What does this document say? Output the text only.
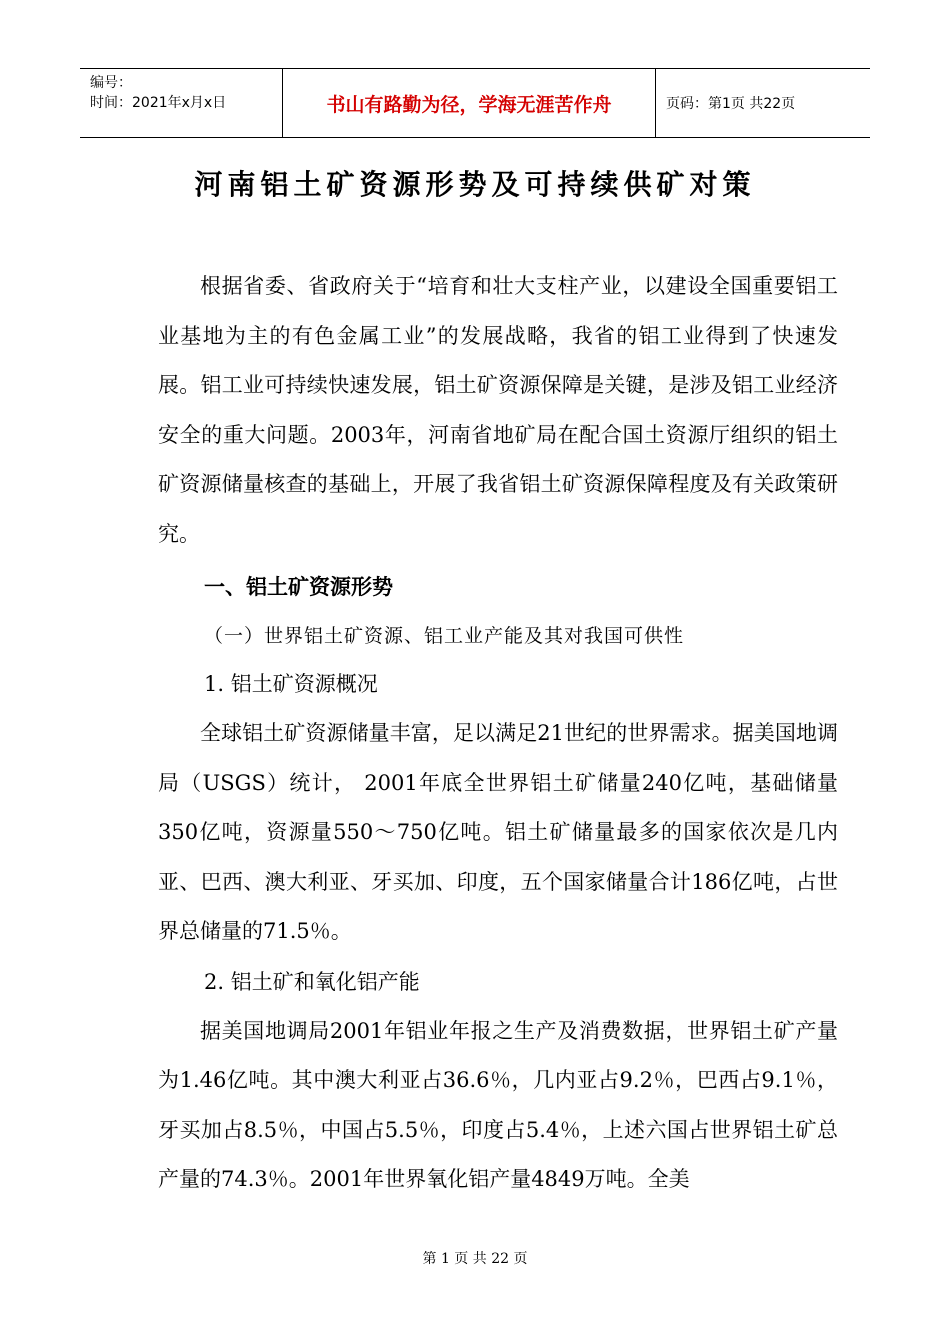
编号：
时间：2021年x月x日	书山有路勤为径，学海无涯苦作舟	页码：第1页 共22页
河南铝土矿资源形势及可持续供矿对策

根据省委、省政府关于“培育和壮大支柱产业，以建设全国重要铝工业基地为主的有色金属工业”的发展战略，我省的铝工业得到了快速发展。铝工业可持续快速发展，铝土矿资源保障是关键，是涉及铝工业经济安全的重大问题。2003年，河南省地矿局在配合国土资源厅组织的铝土矿资源储量核查的基础上，开展了我省铝土矿资源保障程度及有关政策研究。

一、铝土矿资源形势
（一）世界铝土矿资源、铝工业产能及其对我国可供性
1. 铝土矿资源概况

全球铝土矿资源储量丰富，足以满足21世纪的世界需求。据美国地调局（USGS）统计， 2001年底全世界铝土矿储量240亿吨，基础储量350亿吨，资源量550～750亿吨。铝土矿储量最多的国家依次是几内亚、巴西、澳大利亚、牙买加、印度，五个国家储量合计186亿吨，占世界总储量的71.5％。

2. 铝土矿和氧化铝产能

据美国地调局2001年铝业年报之生产及消费数据，世界铝土矿产量为1.46亿吨。其中澳大利亚占36.6％，几内亚占9.2％，巴西占9.1％，牙买加占8.5％，中国占5.5％，印度占5.4％，上述六国占世界铝土矿总产量的74.3％。2001年世界氧化铝产量4849万吨。全美

第 1 页 共 22 页
